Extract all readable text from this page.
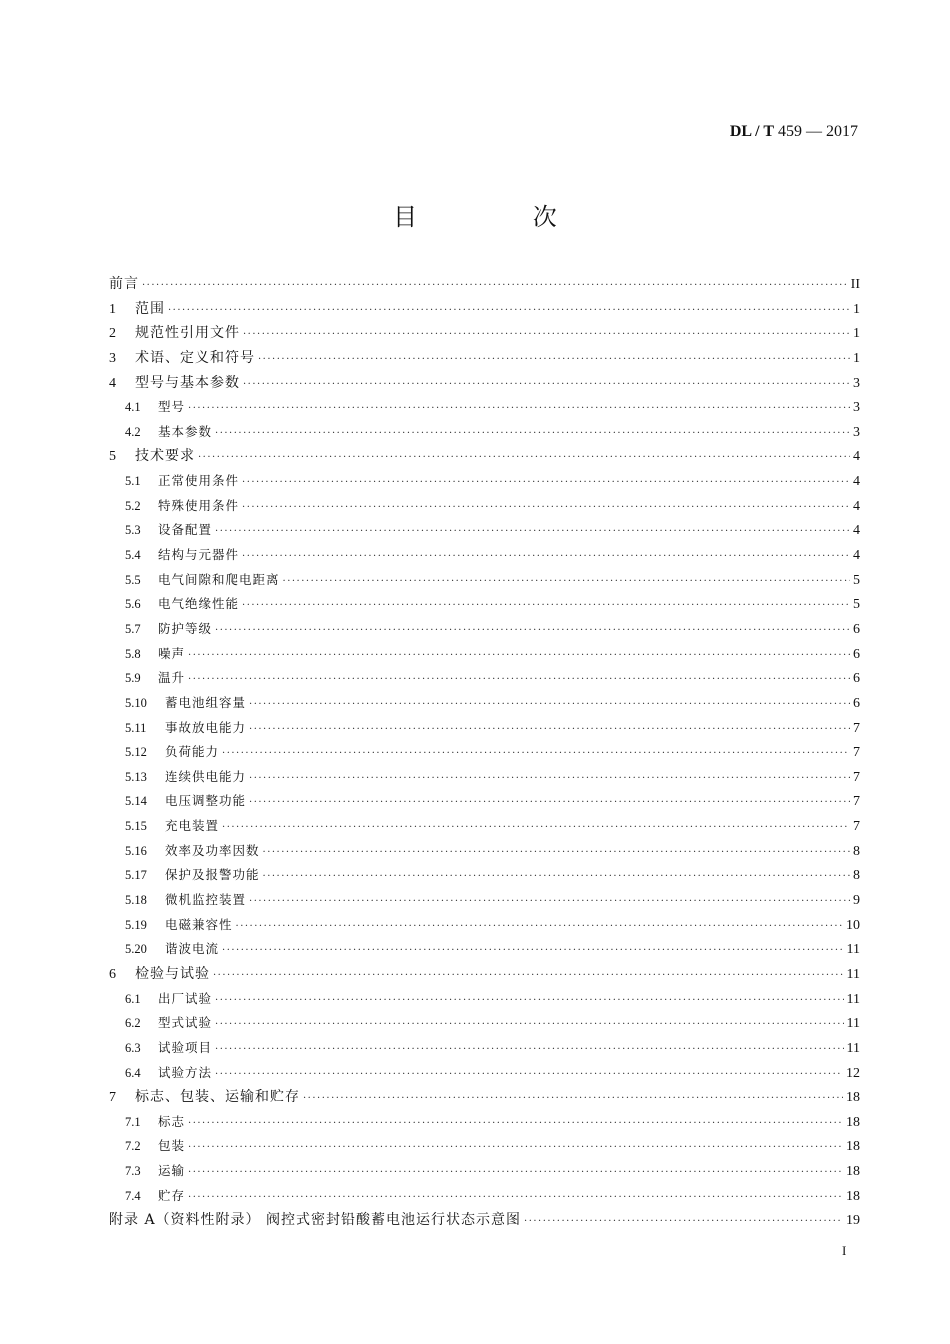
DL / T 459 — 2017
目 次
前言 ·····	II
1	范围 ·····	1
2	规范性引用文件 ·····	1
3	术语、定义和符号 ·····	1
4	型号与基本参数 ·····	3
4.1	型号 ·····	3
4.2	基本参数 ·····	3
5	技术要求 ·····	4
5.1	正常使用条件 ·····	4
5.2	特殊使用条件 ·····	4
5.3	设备配置 ·····	4
5.4	结构与元器件 ·····	4
5.5	电气间隙和爬电距离 ·····	5
5.6	电气绝缘性能 ·····	5
5.7	防护等级 ·····	6
5.8	噪声 ·····	6
5.9	温升 ·····	6
5.10	蓄电池组容量 ·····	6
5.11	事故放电能力 ·····	7
5.12	负荷能力 ·····	7
5.13	连续供电能力 ·····	7
5.14	电压调整功能 ·····	7
5.15	充电装置 ·····	7
5.16	效率及功率因数 ·····	8
5.17	保护及报警功能 ·····	8
5.18	微机监控装置 ·····	9
5.19	电磁兼容性 ·····	10
5.20	谐波电流 ·····	11
6	检验与试验 ·····	11
6.1	出厂试验 ·····	11
6.2	型式试验 ·····	11
6.3	试验项目 ·····	11
6.4	试验方法 ·····	12
7	标志、包装、运输和贮存 ·····	18
7.1	标志 ·····	18
7.2	包装 ·····	18
7.3	运输 ·····	18
7.4	贮存 ·····	18
附录 A（资料性附录） 阀控式密封铅酸蓄电池运行状态示意图 ·····	19
I
